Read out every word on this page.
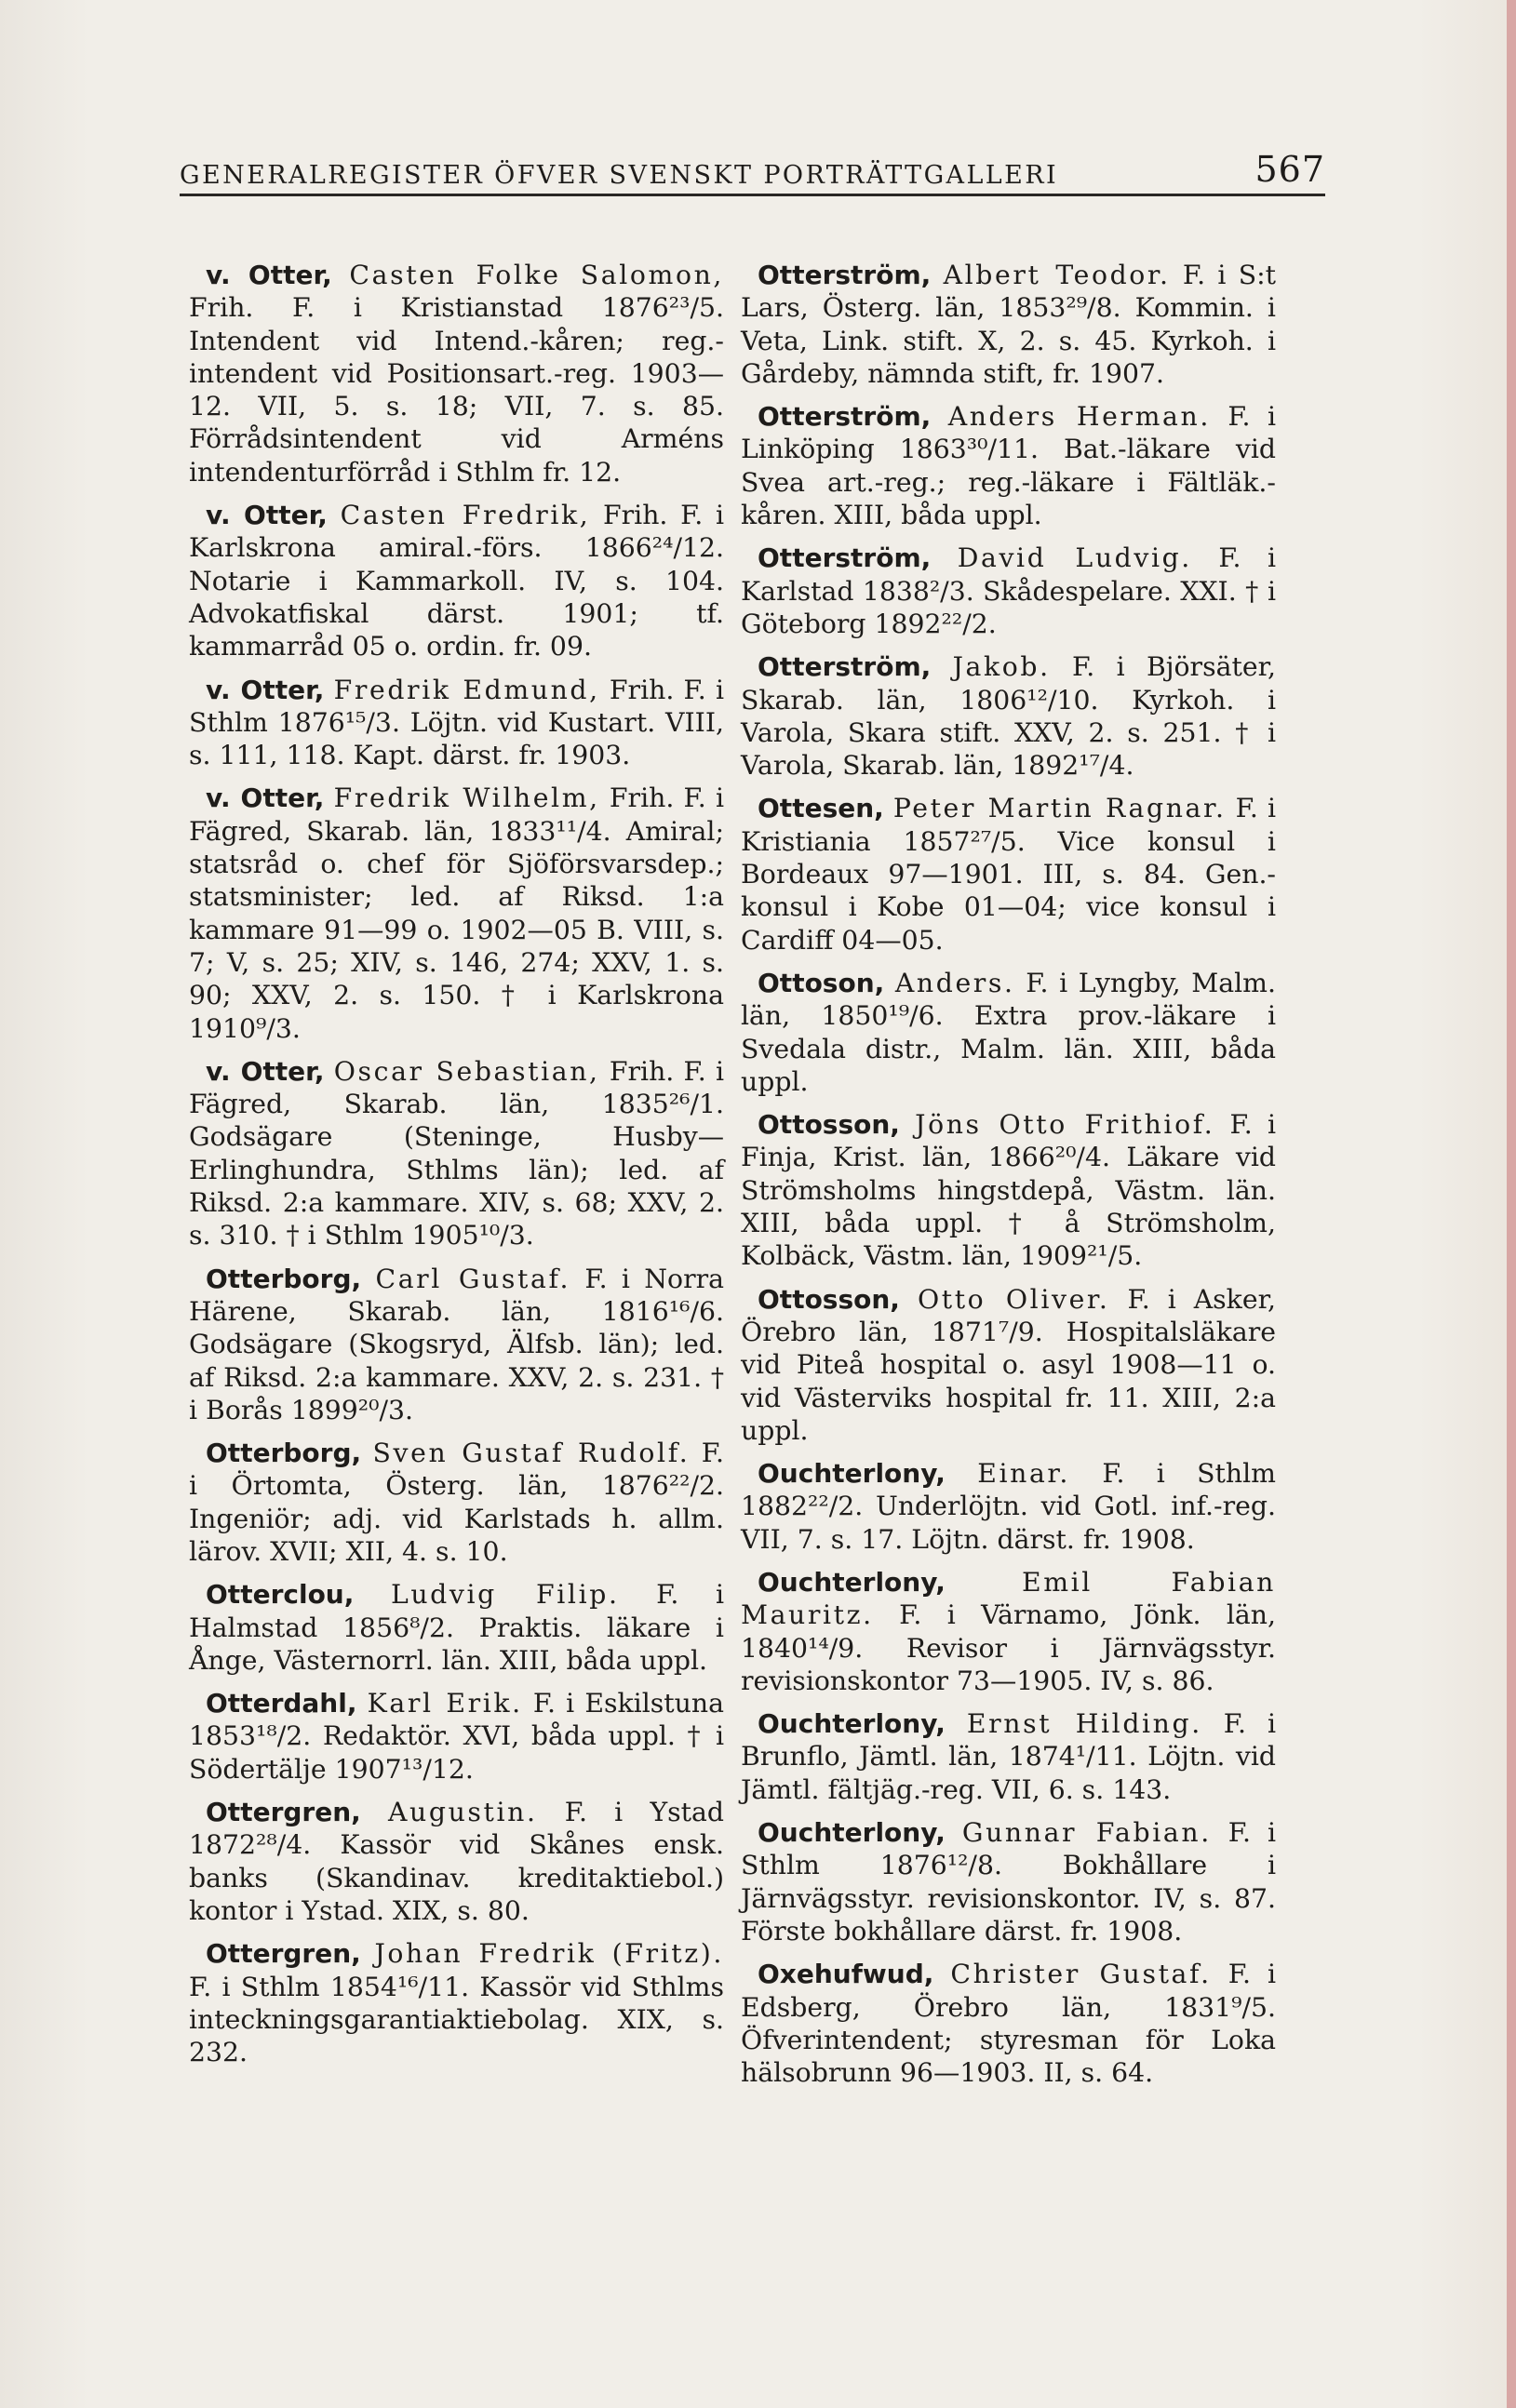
GENERALREGISTER ÖFVER SVENSKT PORTRÄTTGALLERI	567
v. Otter, Casten Folke Salomon, Frih. F. i Kristianstad 1876²³/5. Intendent vid Intend.-kåren; reg.-intendent vid Positionsart.-reg. 1903—12. VII, 5. s. 18; VII, 7. s. 85. Förrådsintendent vid Arméns intendenturförråd i Sthlm fr. 12.
v. Otter, Casten Fredrik, Frih. F. i Karlskrona amiral.-förs. 1866²⁴/12. Notarie i Kammarkoll. IV, s. 104. Advokatfiskal därst. 1901; tf. kammarråd 05 o. ordin. fr. 09.
v. Otter, Fredrik Edmund, Frih. F. i Sthlm 1876¹⁵/3. Löjtn. vid Kustart. VIII, s. 111, 118. Kapt. därst. fr. 1903.
v. Otter, Fredrik Wilhelm, Frih. F. i Fägred, Skarab. län, 1833¹¹/4. Amiral; statsråd o. chef för Sjöförsvarsdep.; statsminister; led. af Riksd. 1:a kammare 91—99 o. 1902—05 B. VIII, s. 7; V, s. 25; XIV, s. 146, 274; XXV, 1. s. 90; XXV, 2. s. 150. † i Karlskrona 1910⁹/3.
v. Otter, Oscar Sebastian, Frih. F. i Fägred, Skarab. län, 1835²⁶/1. Godsägare (Steninge, Husby—Erlinghundra, Sthlms län); led. af Riksd. 2:a kammare. XIV, s. 68; XXV, 2. s. 310. † i Sthlm 1905¹⁰/3.
Otterborg, Carl Gustaf. F. i Norra Härene, Skarab. län, 1816¹⁶/6. Godsägare (Skogsryd, Älfsb. län); led. af Riksd. 2:a kammare. XXV, 2. s. 231. † i Borås 1899²⁰/3.
Otterborg, Sven Gustaf Rudolf. F. i Örtomta, Österg. län, 1876²²/2. Ingeniör; adj. vid Karlstads h. allm. lärov. XVII; XII, 4. s. 10.
Otterclou, Ludvig Filip. F. i Halmstad 1856⁸/2. Praktis. läkare i Ånge, Västernorrl. län. XIII, båda uppl.
Otterdahl, Karl Erik. F. i Eskilstuna 1853¹⁸/2. Redaktör. XVI, båda uppl. † i Södertälje 1907¹³/12.
Ottergren, Augustin. F. i Ystad 1872²⁸/4. Kassör vid Skånes ensk. banks (Skandinav. kreditaktiebol.) kontor i Ystad. XIX, s. 80.
Ottergren, Johan Fredrik (Fritz). F. i Sthlm 1854¹⁶/11. Kassör vid Sthlms inteckningsgarantiaktiebolag. XIX, s. 232.
Otterström, Albert Teodor. F. i S:t Lars, Österg. län, 1853²⁹/8. Kommin. i Veta, Link. stift. X, 2. s. 45. Kyrkoh. i Gårdeby, nämnda stift, fr. 1907.
Otterström, Anders Herman. F. i Linköping 1863³⁰/11. Bat.-läkare vid Svea art.-reg.; reg.-läkare i Fältläk.-kåren. XIII, båda uppl.
Otterström, David Ludvig. F. i Karlstad 1838²/3. Skådespelare. XXI. † i Göteborg 1892²²/2.
Otterström, Jakob. F. i Björsäter, Skarab. län, 1806¹²/10. Kyrkoh. i Varola, Skara stift. XXV, 2. s. 251. † i Varola, Skarab. län, 1892¹⁷/4.
Ottesen, Peter Martin Ragnar. F. i Kristiania 1857²⁷/5. Vice konsul i Bordeaux 97—1901. III, s. 84. Gen.-konsul i Kobe 01—04; vice konsul i Cardiff 04—05.
Ottoson, Anders. F. i Lyngby, Malm. län, 1850¹⁹/6. Extra prov.-läkare i Svedala distr., Malm. län. XIII, båda uppl.
Ottosson, Jöns Otto Frithiof. F. i Finja, Krist. län, 1866²⁰/4. Läkare vid Strömsholms hingstdepå, Västm. län. XIII, båda uppl. † å Strömsholm, Kolbäck, Västm. län, 1909²¹/5.
Ottosson, Otto Oliver. F. i Asker, Örebro län, 1871⁷/9. Hospitalsläkare vid Piteå hospital o. asyl 1908—11 o. vid Västerviks hospital fr. 11. XIII, 2:a uppl.
Ouchterlony, Einar. F. i Sthlm 1882²²/2. Underlöjtn. vid Gotl. inf.-reg. VII, 7. s. 17. Löjtn. därst. fr. 1908.
Ouchterlony,	Emil Fabian Mauritz. F. i Värnamo, Jönk. län, 1840¹⁴/9. Revisor i Järnvägsstyr. revisionskontor 73—1905. IV, s. 86.
Ouchterlony, Ernst Hilding. F. i Brunflo, Jämtl. län, 1874¹/11. Löjtn. vid Jämtl. fältjäg.-reg. VII, 6. s. 143.
Ouchterlony, Gunnar Fabian. F. i Sthlm 1876¹²/8. Bokhållare i Järnvägsstyr. revisionskontor. IV, s. 87. Förste bokhållare därst. fr. 1908.
Oxehufwud, Christer Gustaf. F. i Edsberg, Örebro län, 1831⁹/5. Öfverintendent; styresman för Loka hälsobrunn 96—1903. II, s. 64.
